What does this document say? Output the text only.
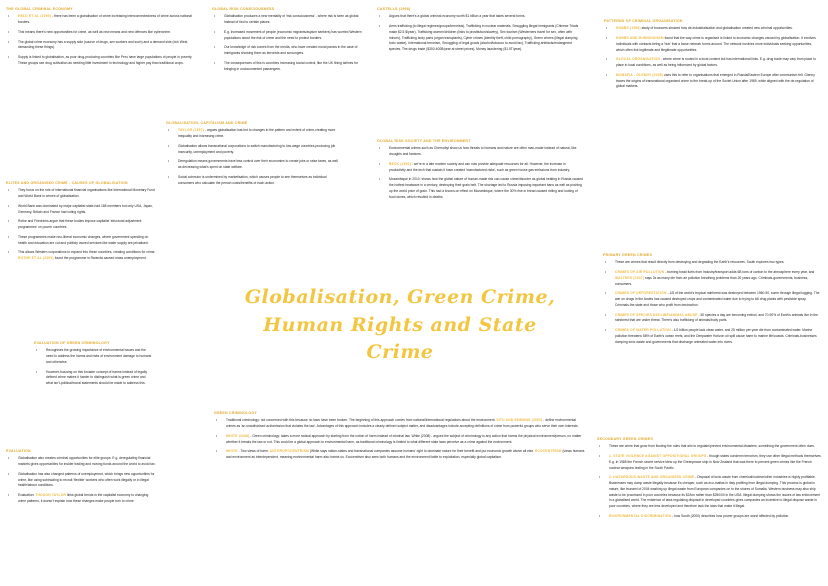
Globalisation, Green Crime, Human Rights and State Crime
THE GLOBAL CRIMINAL ECONOMY
• HELD ET AL (1999) - there has been a globalisation of crime increasing interconnectedness of crime across national borders.
• This means there's new opportunities for crime, as well as new means and new offences like cybercrime.
• The global crime economy has a supply side (source of drugs, sex workers and such) and a demand side (rich West demanding these things).
• Supply is linked to globalisation, as poor drug-producing countries like Peru have large populations of people in poverty. These groups see drug cultivation as needing little investment in technology and higher pay than traditional crops.
GLOBAL RISK CONSCIOUSNESS
• Globalisation produces a new mentality of 'risk consciousness' - where risk is seen as global instead of tied to certain places.
• E.g. increased movement of people (economic migrants/asylum seekers) has worried Western populations about the risk of crime and the need to protect borders.
• Our knowledge of risk comes from the media, who have created moral panics in the case of immigrants showing them as terrorists and scroungers.
• The consequences of this is countries increasing social control, like the UK fining airlines for bringing in undocumented passengers.
CASTELLS (1998)
• Argues that there's a global criminal economy worth $1 billion a year that takes several forms.
• Arms trafficking (to illegal regimes/groups/terrorists), Trafficking in nuclear materials, Smuggling illegal immigrants (Chinese Triads make $2.5 $/year), Trafficking women/children (links to prostitution/slavery), Sex tourism (Westerners travel for sex, often with minors), Trafficking body parts (organ transplants), Cyber crimes (identity theft, child pornography), Green crimes (illegal dumping toxic waste), International terrorism, Smuggling of legal goods (alcohol/tobacco to avoid tax), Trafficking artefacts/endangered species, The drugs trade ($300-400B/year at street prices), Money laundering ($1.5T/year).
PATTERNS OF CRIMINAL ORGANISATION
• HOBBS (1998) study of bouncers showed how de-industrialisation and globalisation created new criminal opportunities.
• HOBBS AND DUNNINGHAM found that the way crime is organised is linked to economic changes caused by globalisation. It involves individuals with contacts being a 'hub' that a loose network forms around. The network involves more individuals seeking opportunities, which often link legitimate and illegitimate opportunities.
• GLOCAL ORGANISATION - where crime is rooted in a local context but has international links. E.g. drug trade may vary from place to place in local conditions, as well as being influenced by global factors.
• MCMAFIA - GLENNY (2008) uses this to refer to organisations that emerged in Russia/Eastern Europe after communism fell. Glenny traces the origins of transnational organised crime to the break-up of the Soviet Union after 1989, while aligned with the de-regulation of global markets.
GLOBALISATION, CAPITALISM AND CRIME
• TAYLOR (1997) - argues globalisation has led to changes in the pattern and extent of crime-creating more inequality and increasing crime.
• Globalisation allows transnational corporations to switch manufacturing to low-wage countries-producing job insecurity, unemployment and poverty.
• Deregulation means governments have less control over their economies to create jobs or raise taxes, as well as decreasing what's spent on state welfare.
• Social cohesion is undermined by marketisation, which causes people to see themselves as individual consumers who calculate the person costs/benefits of each action.
GLOBAL RISK SOCIETY AND THE ENVIRONMENT
• Environmental crimes such as Chernobyl show us how threats to humans and nature are often man-made instead of natural, like droughts and famines.
• BECK (1992) - we're in a late modern society and can now provide adequate resources for all. However, the increase in productivity and the tech that sustain it have created 'manufactured risks', such as green house gas emissions from industry.
• Mozambique in 2010: shows how the global nature of human-made risk can cause crime/disorder as global heating in Russia caused the hottest heatwave in a century, destroying their grain belt. The shortage led to Russia imposing important bans as well as pushing up the world price of grain. This had a known-on effect on Mozambique, where the 30% rise in bread caused rioting and looting of food stores, which resulted in deaths.
ELITES AND ORGANISED CRIME - CAUSES OF GLOBALISATION
• They focus on the role of international financial organisations like International Monetary Fund and World Bank in crimes of globalisation.
• World Bank was dominated by major capitalist state-had 188 members but only USA, Japan, Germany, Britain and France had voting rights.
• Rothe and Friedrichs argue that these bodies impose capitalist 'structural adjustment programmes' on poorer countries.
• These programmes make neo-liberal economic changes, where government spending on health and education are cut and publicly owned services like water supply are privatised.
• This allows Western corporations to expand into these countries, creating conditions for crime. ROTHE ET AL (2009) found the programme in Rwanda caused mass unemployment.
EVALUATION OF GREEN CRIMINOLOGY
• Recognises the growing importance of environmental issues and the need to address the harms and risks of environment damage to humans and otherwise.
• However-focusing on this broader concept of harms instead of legally defined crime makes it harder to distinguish what is green crime and what isn't-political/moral statements should be made to address this.
GREEN CRIMINOLOGY
• Traditional criminology: not concerned with this because no laws have been broken. The beginning of this approach comes from national/international regulations about the environment. SITU AND EMMONS (2000) - define environmental crimes as 'an unauthorised act/omission that violates the law'. Advantages of this approach includes a clearly defined subject matter, and disadvantages include accepting definitions of crime from powerful groups who serve their own interests.
• WHITE (2008) - Green criminology: takes a more radical approach by starting from the notion of harm instead of criminal law. White (2008) - argues the subject of criminology is any action that harms the physical environment/person, no matter whether it breaks the law or not. This could be a global approach to environmental harm, as traditional criminology is limited to what different state laws perceive as a crime against the environment.
• WHITE - Two views of harm: ANTHROPOCENTRISM (White says nation-states and transnational companies assume humans' right to dominate nature for their benefit and put economic growth above all else. ECOCENTRISM (views humans and environment as interdependent, meaning environmental harm also harms us. Ecocentrism also sees both humans and the environment liable to exploitation, especially global capitalism.
EVALUATION
• Globalisation also creates criminal opportunities for elite groups. E.g. deregulating financial markets gives opportunities for insider trading and moving funds around the world to avoid tax.
• Globalisation has also changed patterns of unemployment, which brings new opportunities for crime, like using subtracting to recruit 'flexible' workers who often work illegally or in illegal health/labour conditions.
• Evaluation: THOUGH TAYLOR links global trends in the capitalist economy to changing crime patterns, it doesn't explain how these changes make people turn to crime.
PRIMARY GREEN CRIMES
• These are crimes that result directly from destroying and degrading the Earth's resources. South explores two types.
• CRIMES OF AIR POLLUTION - burning fossil fuels from industry/transport adds 6B tons of carbon to the atmosphere every year, and WALTERS (2007) says 3x as many die from air pollution breathing problems than 20 years ago. Criminals-governments, business, consumers.
• CRIMES OF DEFORESTATION - 1/5 of the world's tropical rainforest was destroyed between 1960-90, some through illegal logging. The war on drugs in the Andes has caused destroyed crops and contaminated water due to trying to kill drug plants with pesticide spray. Criminals-the state and those who profit from destruction.
• CRIMES OF SPECIES DECLINE/ANIMAL ABUSE - 50 species a day are becoming extinct, and 70-90% of Earth's animals live in the rainforest that are under threat. There's also trafficking of animals/body parts.
• CRIMES OF WATER POLLUTION - 1/2 billion people lack clean water, and 25 million per year die from contaminated water. Marine pollution threatens 58% of Earth's ocean reefs, and the Deepwater Horizon oil spill cause harm to marine life/coasts. Criminals-businesses dumping toxic waste and governments that discharge untreated water into rivers.
SECONDARY GREEN CRIMES
• These are crime that grow from flouting the rules that aim to regulate/prevent environmental disasters, something the government often does.
• 1. STATE VIOLENCE AGAINST OPPOSITIONAL GROUPS - though states condemn terrorism, they use other illegal methods themselves. E.g. in 1985 the French secret service blew up the Greenpeace ship in New Zealand that was there to prevent green crimes like the French nuclear weapons testing in the South Pacific.
• 2. HAZARDOUS WASTE AND ORGANISED CRIME - Disposal of toxic waste from chemical/nuclear/other industries is highly profitable. Businesses may dump waste illegally because it's cheaper, such as eco-mafias in Italy profiting from illegal dumping. This process is global in nature, like tsunami of 2004 washing up illegal waste from European companies on to the shores of Somalia. Western business may also ship waste to be processed in poor countries because its $2/ton rather than $250/00 in the USA. Illegal dumping shows the issues of law enforcement in a globalised world. The existence of laws regulating disposal in developed countries gives companies an incentive to illegal dispose waste in poor countries, where they are less developed and therefore lack the laws that make it illegal.
• ENVIRONMENTAL DISCRIMINATION - how South (2000) describes how poorer groups are worst affected by pollution.
